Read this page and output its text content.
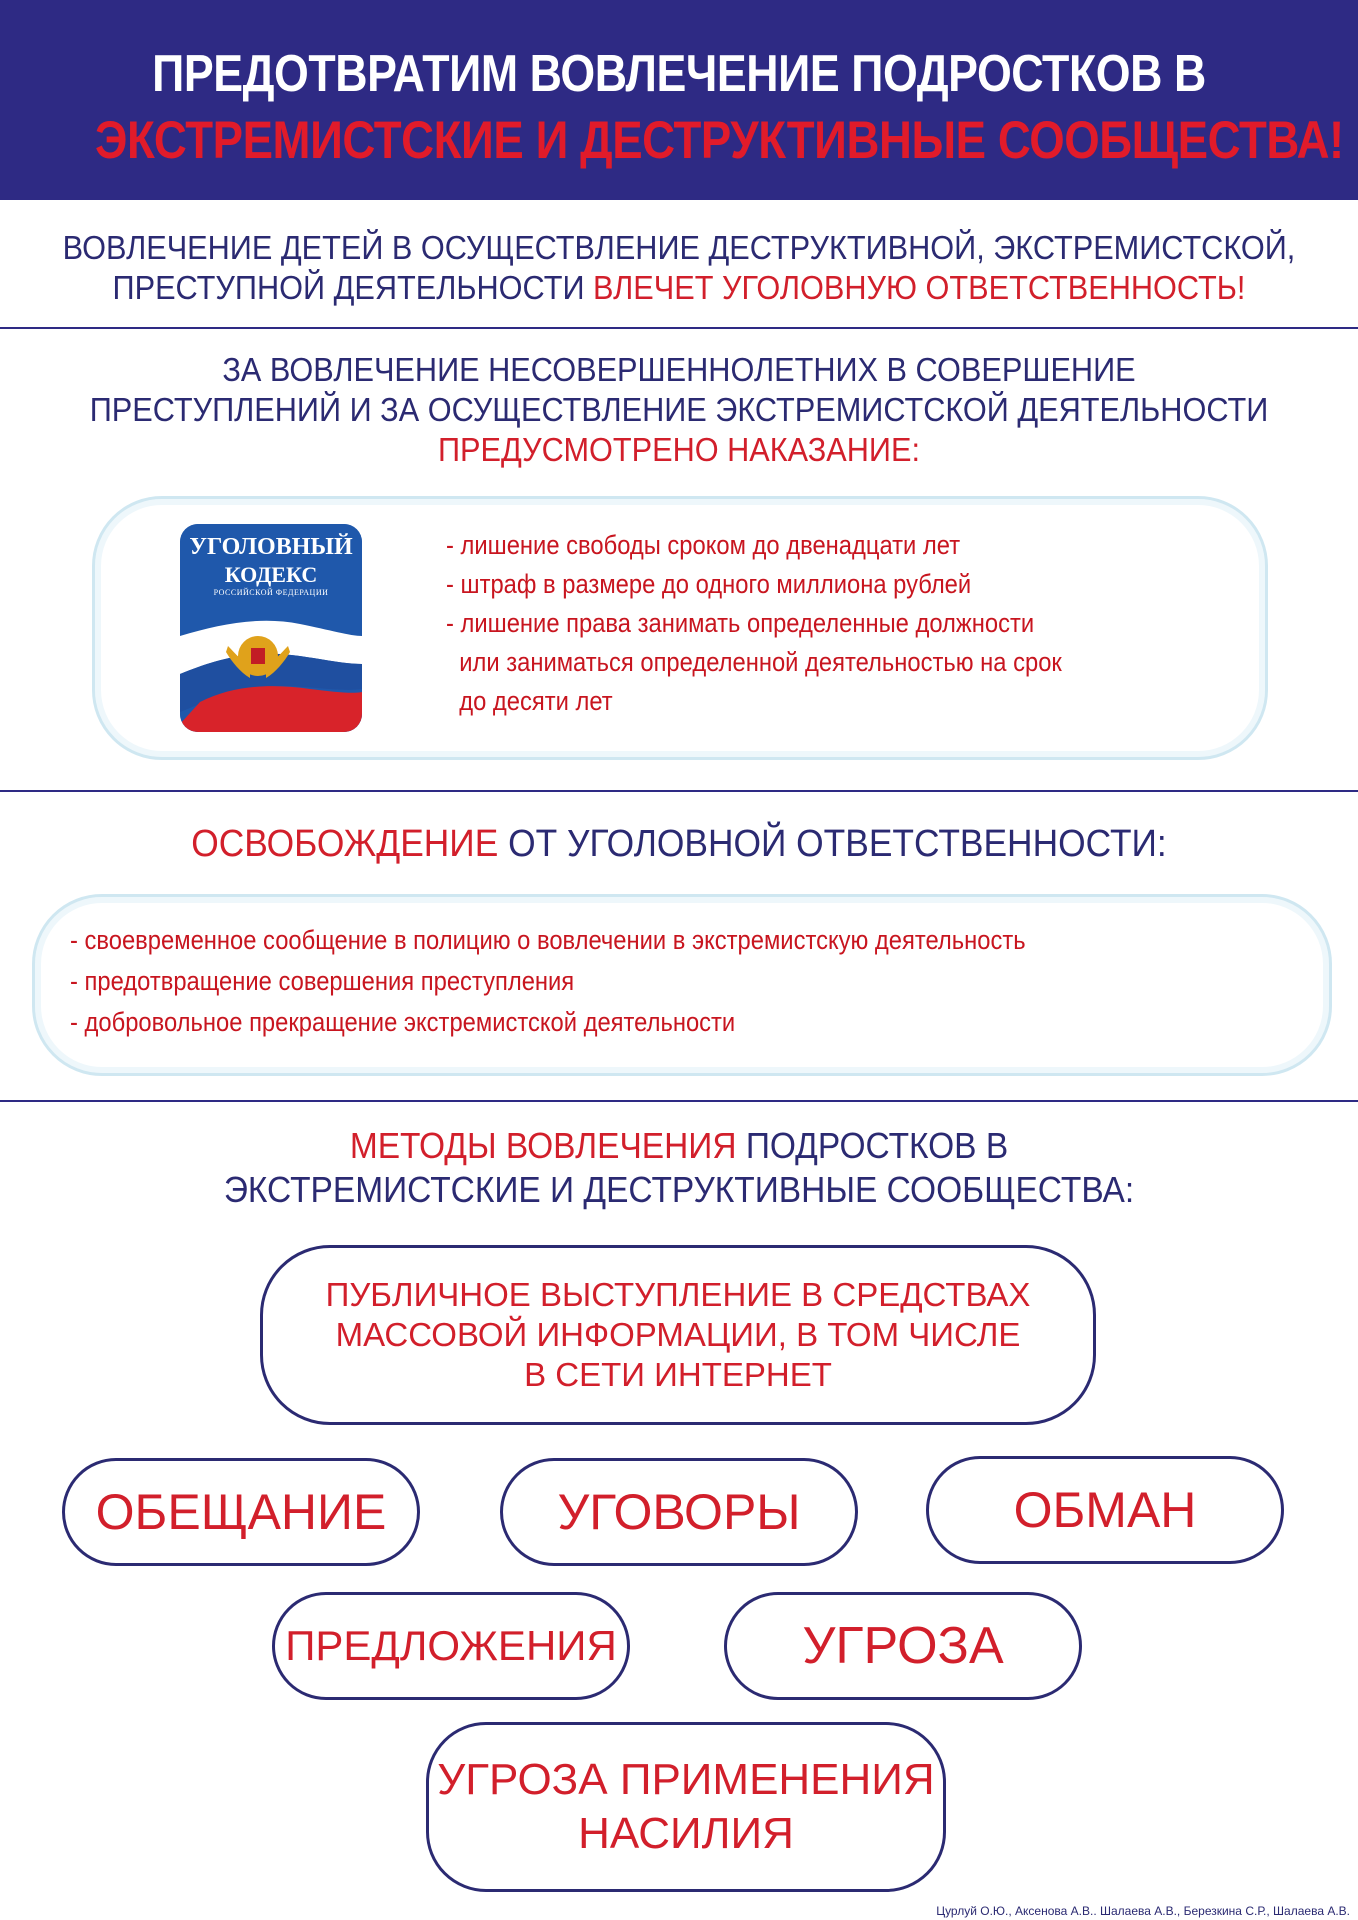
ПРЕДОТВРАТИМ ВОВЛЕЧЕНИЕ ПОДРОСТКОВ В
ЭКСТРЕМИСТСКИЕ И ДЕСТРУКТИВНЫЕ СООБЩЕСТВА!
ВОВЛЕЧЕНИЕ ДЕТЕЙ В ОСУЩЕСТВЛЕНИЕ ДЕСТРУКТИВНОЙ, ЭКСТРЕМИСТСКОЙ,
ПРЕСТУПНОЙ ДЕЯТЕЛЬНОСТИ ВЛЕЧЕТ УГОЛОВНУЮ ОТВЕТСТВЕННОСТЬ!
ЗА ВОВЛЕЧЕНИЕ НЕСОВЕРШЕННОЛЕТНИХ В СОВЕРШЕНИЕ
ПРЕСТУПЛЕНИЙ И ЗА ОСУЩЕСТВЛЕНИЕ ЭКСТРЕМИСТСКОЙ ДЕЯТЕЛЬНОСТИ
ПРЕДУСМОТРЕНО НАКАЗАНИЕ:
УГОЛОВНЫЙ
КОДЕКС
РОССИЙСКОЙ ФЕДЕРАЦИИ
- лишение свободы сроком до двенадцати лет
- штраф в размере до одного миллиона рублей
- лишение права занимать определенные должности
или заниматься определенной деятельностью на срок
до десяти лет
ОСВОБОЖДЕНИЕ ОТ УГОЛОВНОЙ ОТВЕТСТВЕННОСТИ:
- своевременное сообщение в полицию о вовлечении в экстремистскую деятельность
- предотвращение совершения преступления
- добровольное прекращение экстремистской деятельности
МЕТОДЫ ВОВЛЕЧЕНИЯ ПОДРОСТКОВ В
ЭКСТРЕМИСТСКИЕ И ДЕСТРУКТИВНЫЕ СООБЩЕСТВА:
ПУБЛИЧНОЕ ВЫСТУПЛЕНИЕ В СРЕДСТВАХ
МАССОВОЙ ИНФОРМАЦИИ, В ТОМ ЧИСЛЕ
В СЕТИ ИНТЕРНЕТ
ОБЕЩАНИЕ	УГОВОРЫ	ОБМАН
ПРЕДЛОЖЕНИЯ	УГРОЗА
УГРОЗА ПРИМЕНЕНИЯ
НАСИЛИЯ
Цурлуй О.Ю., Аксенова А.В.. Шалаева А.В., Березкина С.Р., Шалаева А.В.
